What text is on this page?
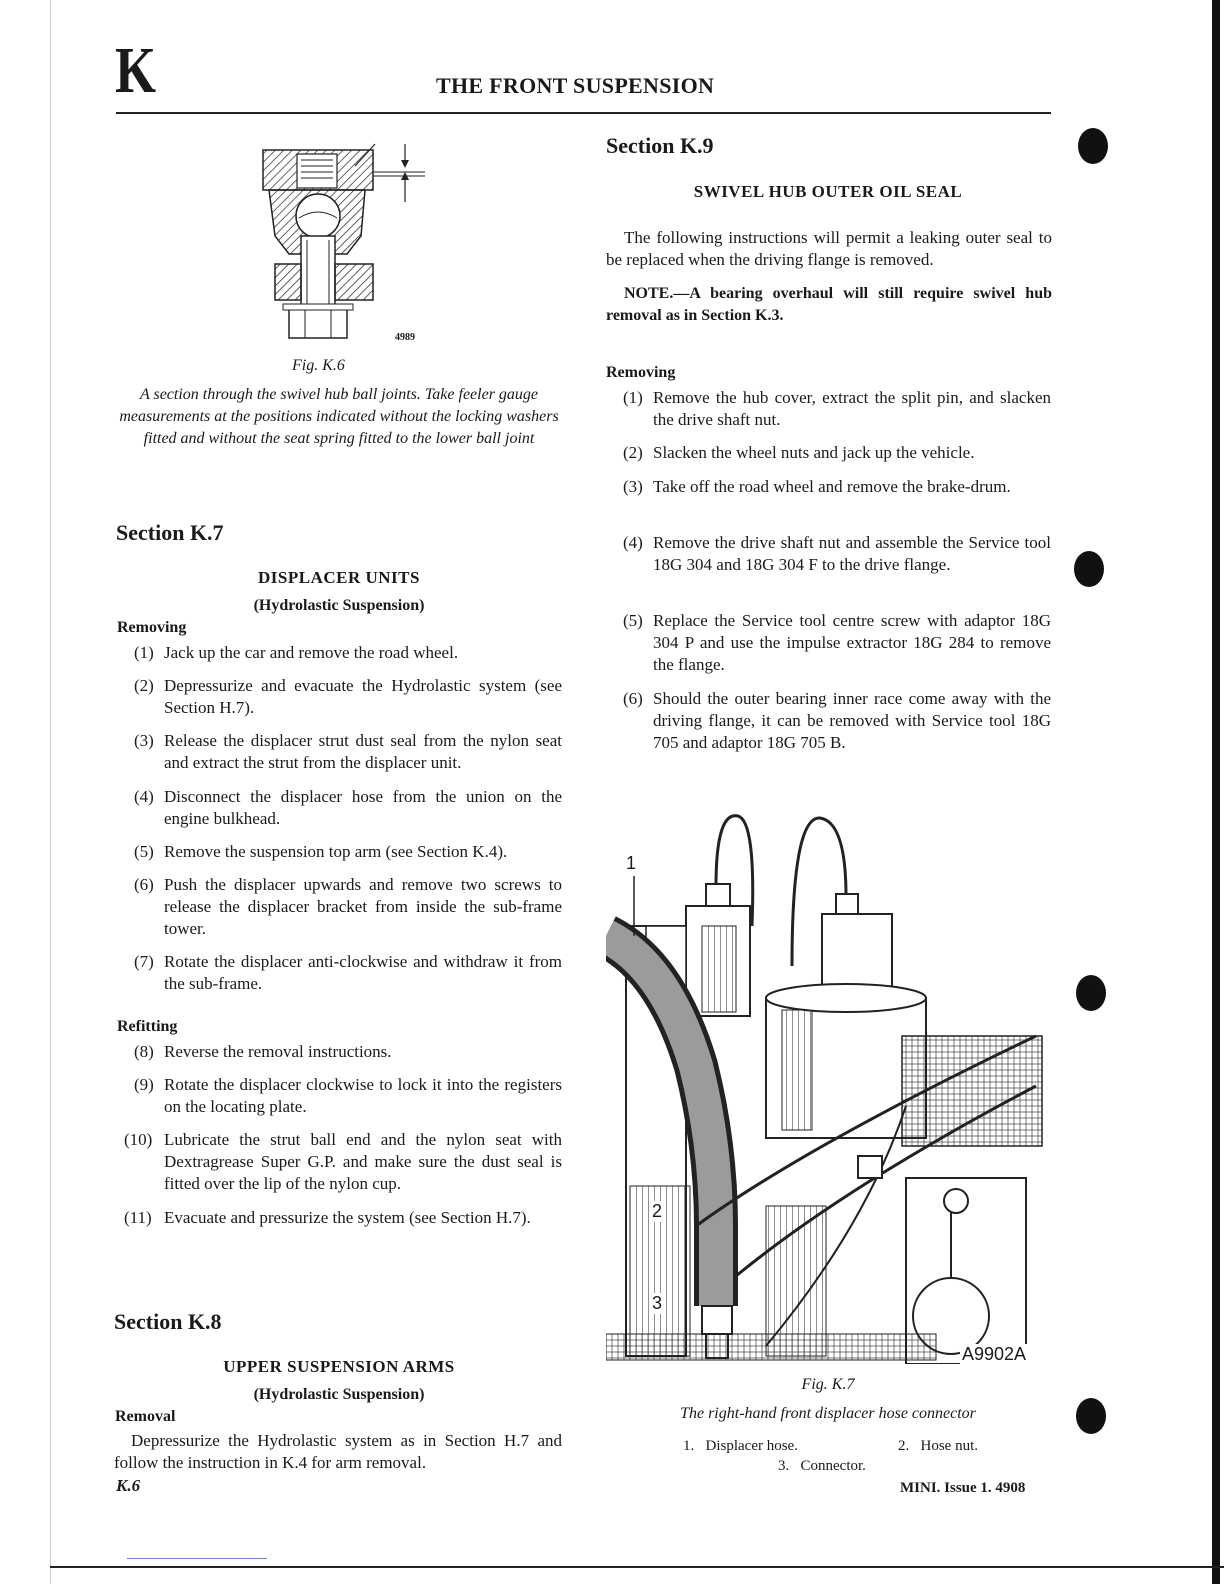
K	THE FRONT SUSPENSION
4989
Fig. K.6
A section through the swivel hub ball joints. Take feeler gauge measurements at the positions indicated without the locking washers fitted and without the seat spring fitted to the lower ball joint
Section K.7
DISPLACER UNITS
(Hydrolastic Suspension)
Removing
(1) Jack up the car and remove the road wheel.
(2) Depressurize and evacuate the Hydrolastic system (see Section H.7).
(3) Release the displacer strut dust seal from the nylon seat and extract the strut from the displacer unit.
(4) Disconnect the displacer hose from the union on the engine bulkhead.
(5) Remove the suspension top arm (see Section K.4).
(6) Push the displacer upwards and remove two screws to release the displacer bracket from inside the sub-frame tower.
(7) Rotate the displacer anti-clockwise and withdraw it from the sub-frame.
Refitting
(8) Reverse the removal instructions.
(9) Rotate the displacer clockwise to lock it into the registers on the locating plate.
(10) Lubricate the strut ball end and the nylon seat with Dextragrease Super G.P. and make sure the dust seal is fitted over the lip of the nylon cup.
(11) Evacuate and pressurize the system (see Section H.7).
Section K.8
UPPER SUSPENSION ARMS
(Hydrolastic Suspension)
Removal
Depressurize the Hydrolastic system as in Section H.7 and follow the instruction in K.4 for arm removal.
Section K.9
SWIVEL HUB OUTER OIL SEAL
The following instructions will permit a leaking outer seal to be replaced when the driving flange is removed.
NOTE.—A bearing overhaul will still require swivel hub removal as in Section K.3.
Removing
(1) Remove the hub cover, extract the split pin, and slacken the drive shaft nut.
(2) Slacken the wheel nuts and jack up the vehicle.
(3) Take off the road wheel and remove the brake-drum.
(4) Remove the drive shaft nut and assemble the Service tool 18G 304 and 18G 304 F to the drive flange.
(5) Replace the Service tool centre screw with adaptor 18G 304 P and use the impulse extractor 18G 284 to remove the flange.
(6) Should the outer bearing inner race come away with the driving flange, it can be removed with Service tool 18G 705 and adaptor 18G 705 B.
1
2
3
A9902A
Fig. K.7
The right-hand front displacer hose connector
1. Displacer hose.	2. Hose nut.
3. Connector.
K.6	MINI. Issue 1. 4908
